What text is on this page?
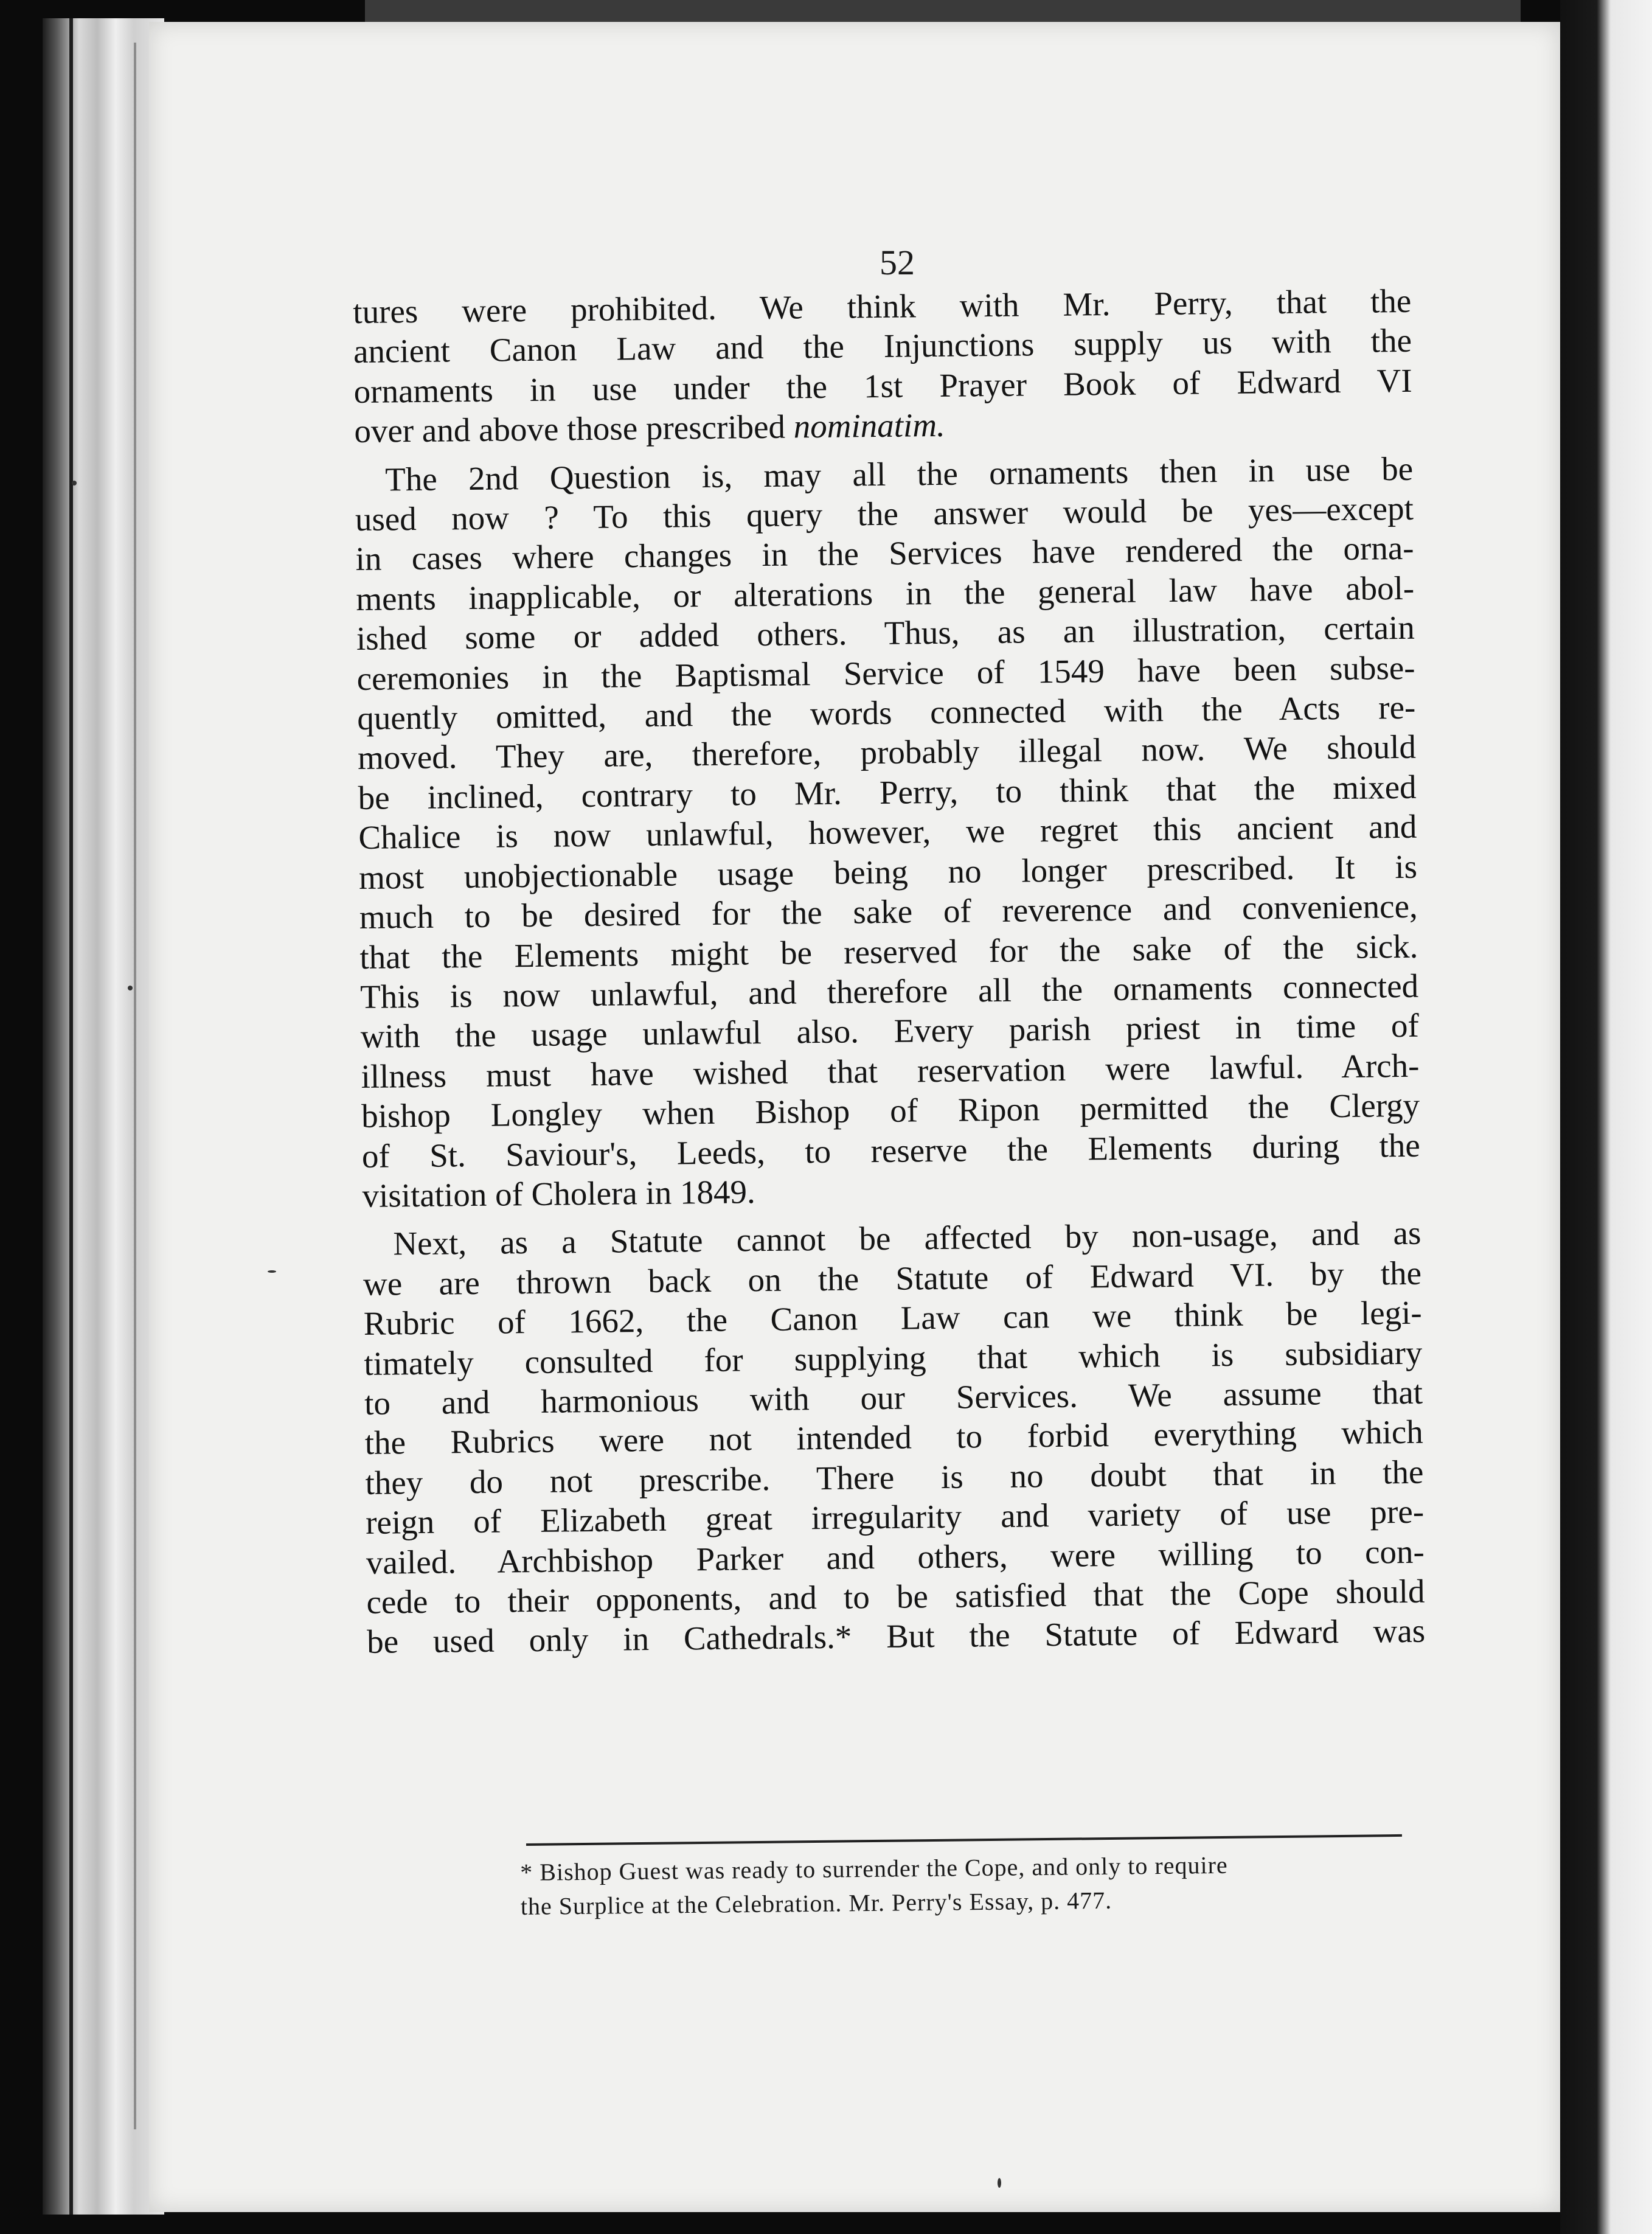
52

tures were prohibited. We think with Mr. Perry, that the
ancient Canon Law and the Injunctions supply us with the
ornaments in use under the 1st Prayer Book of Edward VI
over and above those prescribed nominatim.

The 2nd Question is, may all the ornaments then in use be
used now ? To this query the answer would be yes—except
in cases where changes in the Services have rendered the orna-
ments inapplicable, or alterations in the general law have abol-
ished some or added others. Thus, as an illustration, certain
ceremonies in the Baptismal Service of 1549 have been subse-
quently omitted, and the words connected with the Acts re-
moved. They are, therefore, probably illegal now. We should
be inclined, contrary to Mr. Perry, to think that the mixed
Chalice is now unlawful, however, we regret this ancient and
most unobjectionable usage being no longer prescribed. It is
much to be desired for the sake of reverence and convenience,
that the Elements might be reserved for the sake of the sick.
This is now unlawful, and therefore all the ornaments connected
with the usage unlawful also. Every parish priest in time of
illness must have wished that reservation were lawful. Arch-
bishop Longley when Bishop of Ripon permitted the Clergy
of St. Saviour's, Leeds, to reserve the Elements during the
visitation of Cholera in 1849.

Next, as a Statute cannot be affected by non-usage, and as
we are thrown back on the Statute of Edward VI. by the
Rubric of 1662, the Canon Law can we think be legi-
timately consulted for supplying that which is subsidiary
to and harmonious with our Services. We assume that
the Rubrics were not intended to forbid everything which
they do not prescribe. There is no doubt that in the
reign of Elizabeth great irregularity and variety of use pre-
vailed. Archbishop Parker and others, were willing to con-
cede to their opponents, and to be satisfied that the Cope should
be used only in Cathedrals.* But the Statute of Edward was

* Bishop Guest was ready to surrender the Cope, and only to require
the Surplice at the Celebration. Mr. Perry's Essay, p. 477.
